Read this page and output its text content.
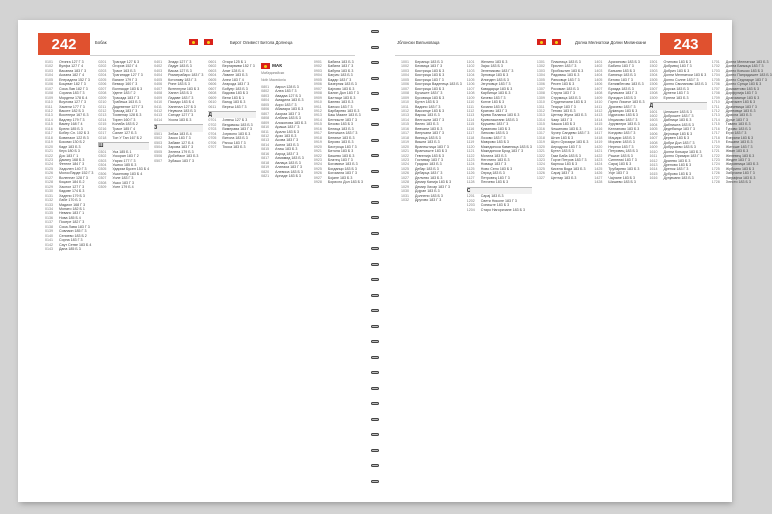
242	Бобак	Бирот Оливест Битола Долнеца
0101	Отинга 127 Г 3
0102	Вулфа 127 Г 4
0103	Васаниа 183 Г 3
0104	Асиана 182 Г 4
0105	Енерадата 152 Г 3
0106	Боцеват 182 Г 3
0107	Сиоа Лав 182 Г 3
0108	Сорана 183 Г 3
0109	Мордени 178 Б 4
0110	Воулова 127 Г 3
0111	Хамели 177 Г 3
0112	Вакоте 182 Б 3
0113	Восенери 167 Б 3
0114	Вадлер 179 Г 3
0115	Вамеу 168 Г 4
0116	Брели 185 Б 3
0117	Бобер Сп. 102 Б 3
0118	Бовинаоп 122 В 3
0119	Бокоми 130 Б 2
0120	Каде 183 Б 3
0121	Кеуз 180 Б 3
0122	Дос 183 Г 1
0123	Дамагу 168 Б 3
0124	Фетеле 184 Г 3
0125	Хадилен 140 Г 3
0126	МолосПарде 152 Г 3
0127	Воленнат 128 Г 3
0128	Коцаон 184 Б 2
0129	Хаснол 127 Г 3
0130	Кадове 174 Б 3
0131	Хадени 179 Б 3
0132	Лабе 170 Б 3
0133	Мадиол 168 Г 3
0134	Монато 182 Б 1
0135	Неванс 183 Г 1
0136	Нова 185 Б 4
0137	Посере 182 Г 3
0138	Сиоа Лава 183 Г 3
0139	Совлаин 185 Г 3
0140	Сениево 183 Б 2
0141	Сорна 183 Г 3
0142	Саут Сетве 183 Б 4
0143	Дана 185 Б 3
0201	Трагаде 127 Б 3
0202	Огоров 152 Г 4
0203	Трасе 163 Б 3
0204	Трагинаде 127 Г 3
0205	Вагале 179 Г 3
0206	Вевзор 160 Г 3
0207	Волнаоде 183 Б 3
0208	Удене 183 Г 2
0209	Трасада 183 Г 3
0210	Трабеша 163 Б 3
0211	Дадевенат 127 Г 3
0212	Трасад 183 Г 3
0213	Тосвенар 128 Б 3
0214	Тирен 160 Г 3
0215	Колаба 183 Б 2
0216	Трасе 185 Г 4
0217	Салие 127 Б 3
0218	Тон У Тап 167 Б 2
Ш
0301	Ука 185 Б 1
0302	Ускоран 183 Г 2
0303	Уарис 177 Г 3
0304	Ушеко 185 Б 3
0305	Ударим Бусел 153 Б 4
0306	Ушкеновр 183 Б 4
0307	Уоле 183 Г 3
0308	Ушко 183 Г 3
0309	Усен 179 Б 4
0401	Знади 127 Г 3
0402	Ладуе 183 Б 3
0403	Васаа 127 Б 3
0404	Роматрабаро 183 Г 3
0405	Котонаву 183 Г 3
0406	Рипе 183 Б 3
0407	Вителпуни 183 Б 3
0408	Ханел 183 Б 3
0409	Ладаве 183 Г 3
0410	Пасадо 183 Б 4
0411	Ханепал 127 Б 3
0412	Неувола 183 Б 3
0413	Сатоде 127 Г 3
0414	Усола 183 Б 3
З
0501	Зебаа 183 Б 4
0502	Заско 183 Г 3
0503	Забаве 127 Б 4
0504	Зарова 183 Г 3
0505	Зелена 179 Б 3
0506	ДобиНасе 183 Б 3
0507	Зубашо 183 Г 3
0601	Отари 125 Б 1
0602	Вергарвиви 152 Г 3
0603	Алат 128 Б 4
0604	Лавате 183 Б 3
0605	Алеи 183 Г 4
0606	Атарода 183 Г 3
0607	Бобуер 183 Б 3
0608	Вадова 183 Б 3
0609	Вени 183 Б 1
0610	Вагод 183 Б 3
0611	Вереш 183 Г 3
Д
0701	Јзгвеш 127 Б 3
0702	Вегдамош 183 Б 3
0703	Вимерава 183 Г 3
0704	Јзгрвоно 183 Б 3
0705	Витола 183 Б 3
0706	Рагош 183 Г 3
0707	Тиоса 183 Б 3
МАК
МаКедонийски
Noth Macedonia
0801	Аврол 128 Б 3
0802	Алеа 183 Г 3
0803	Авадаа 127 Б 3
0804	Амадила 183 Б 3
0805	Аоро 183 Г 3
0806	Абамара 183 Б 3
0807	Азораа 183 Г 3
0808	Албана 183 Б 3
0809	Алокопова 183 Б 3
0810	Араша 183 Г 3
0811	Арали 183 Б 3
0812	Арзо 183 Б 3
0813	Асова 183 Г 3
0814	Асели 183 Б 3
0815	Атиш 183 Б 3
0816	Ахрод 183 Г 3
0817	Ахмамид 183 Б 3
0818	Авлаџа 183 Б 3
0819	Алатаоа 183 Г 3
0820	Алевиоа 183 Б 3
0821	Арнаде 183 Б 3
0901	Бабина 183 Б 3
0902	Бабини 183 Г 3
0903	Бабуна 183 Б 3
0904	Баграч 183 Б 3
0905	Бадар 183 Г 3
0906	Базерник 183 Б 3
0907	Бајлово 183 Б 3
0908	Балин Дол 183 Г 3
0909	Балтаци 183 Б 3
0910	Банево 183 Б 3
0911	Банско 183 Г 3
0912	Барбарево 183 Б 3
0913	Баш Маале 183 Б 3
0914	Бегниште 183 Г 3
0915	Безово 183 Б 3
0916	Белица 183 Б 3
0917	Белчишта 183 Г 3
0918	Бениње 183 Б 3
0919	Берово 183 Б 3
0920	Бистрица 183 Г 3
0921	Битола 183 Б 3
0922	Бишево 183 Б 3
0923	Блатец 183 Г 3
0924	Боговиње 183 Б 3
0925	Богданци 183 Б 3
0926	Богомила 183 Г 3
0927	Бојане 183 Б 3
0928	Борисло Дол 183 Б 3
243
Јблонски Вильноваца	Долна Мелнатски Долни Милиноани
1001	Беранци 183 Б 3
1002	Бесвица 183 Г 3
1003	Бистрица 183 Б 3
1004	Бистрица 183 Б 3
1005	Бистрица 183 Г 3
1006	Бистрица Ваденеца 183 Б 3
1007	Бистрица 183 Б 3
1008	Бучиште 183 Г 3
1009	Бусовица 183 Б 3
1010	Бутел 183 Б 3
1011	Вадино 183 Г 3
1012	Ваксинце 183 Б 3
1013	Варош 183 Б 3
1014	Велгошти 183 Г 3
1015	Велес 183 Б 3
1016	Вевчани 183 Б 3
1017	Вепрчани 183 Г 3
1018	Виница 183 Б 3
1019	Вишни 183 Б 3
1020	Вранештица 183 Г 3
1021	Врапчиште 183 Б 3
1022	Гевгелија 183 Б 3
1023	Гостивар 183 Г 3
1024	Градско 183 Б 3
1025	Дебар 183 Б 3
1026	Дебарца 183 Г 3
1027	Делчево 183 Б 3
1028	Демир Капија 183 Б 3
1029	Демир Хисар 183 Г 3
1030	Дојран 183 Б 3
1031	Долнени 183 Б 3
1032	Другово 183 Г 3
1101	Желино 183 Б 3
1102	Зајас 183 Б 3
1103	Зелениково 183 Г 3
1104	Зрновци 183 Б 3
1105	Илинден 183 Б 3
1106	Јегуновце 183 Г 3
1107	Кавадарци 183 Б 3
1108	Карбинци 183 Б 3
1109	Кичево 183 Г 3
1110	Конче 183 Б 3
1111	Кочани 183 Б 3
1112	Кратово 183 Г 3
1113	Крива Паланка 183 Б 3
1114	Кривогаштани 183 Б 3
1115	Крушево 183 Г 3
1116	Куманово 183 Б 3
1117	Липково 183 Б 3
1118	Лозово 183 Г 3
1119	Маврово 183 Б 3
1120	Македонска Каменица 183 Б 3
1121	Македонски Брод 183 Г 3
1122	Могила 183 Б 3
1123	Неготино 183 Б 3
1124	Новаци 183 Г 3
1125	Ново Село 183 Б 3
1126	Охрид 183 Б 3
1127	Петровец 183 Г 3
1128	Пехчево 183 Б 3
С
1201	Сарај 183 Б 3
1202	Свети Николе 183 Г 3
1203	Сопиште 183 Б 3
1204	Старо Нагоричане 183 Б 3
1301	Пласница 183 Б 3
1302	Прилеп 183 Г 3
1303	Пробиштип 183 Б 3
1304	Радовиш 183 Б 3
1305	Ранковце 183 Г 3
1306	Ресен 183 Б 3
1307	Росоман 183 Б 3
1308	Струга 183 Г 3
1309	Струмица 183 Б 3
1310	Студеничани 183 Б 3
1311	Теарце 183 Г 3
1312	Тетово 183 Б 3
1313	Центар Жупа 183 Б 3
1314	Чаир 183 Г 3
1315	Чашка 183 Б 3
1316	Чешиново 183 Б 3
1317	Чучер Сандево 183 Г 3
1318	Штип 183 Б 3
1319	Шуто Оризари 183 Б 3
1320	Аеродром 183 Г 3
1321	Бутел 183 Б 3
1322	Гази Баба 183 Б 3
1323	Ѓорче Петров 183 Г 3
1324	Карпош 183 Б 3
1325	Кисела Вода 183 Б 3
1326	Сарај 183 Г 3
1327	Центар 183 Б 3
1401	Арачиново 183 Б 3
1402	Бабино 183 Г 3
1403	Бањани 183 Б 3
1404	Батинци 183 Б 3
1405	Бегово 183 Г 3
1406	Белимбегово 183 Б 3
1407	Бразда 183 Б 3
1408	Булачани 183 Г 3
1409	Вучидол 183 Б 3
1410	Горно Лисиче 183 Б 3
1411	Драчево 183 Г 3
1412	Дуќанџик 183 Б 3
1413	Идризово 183 Б 3
1414	Инџиково 183 Г 3
1415	Јурумлери 183 Б 3
1416	Катланово 183 Б 3
1417	Кондово 183 Г 3
1418	Маџари 183 Б 3
1419	Морани 183 Б 3
1420	Нерези 183 Г 3
1421	Петровец 183 Б 3
1422	Рашче 183 Б 3
1423	Сингелиќ 183 Г 3
1424	Сарај 183 Б 3
1425	Трубарево 183 Б 3
1426	Усје 183 Г 3
1427	Чајлане 183 Б 3
1428	Шишево 183 Б 3
1501	Отиново 183 Б 3
1502	Добривој 183 Г 3
1503	Добрич 183 Б 3
1504	Долни Мелнатски 183 Б 3
1505	Долно Солне 183 Г 3
1506	Долно Свиланово 183 Б 3
1507	Дорска 183 Б 3
1508	Дупени 183 Г 3
1509	Ергели 183 Б 3
Д
1601	Џепиште 183 Б 3
1602	Доброште 183 Г 3
1603	Дабници 183 Б 3
1604	Дабништа 183 Б 3
1605	Дедебалци 183 Г 3
1606	Дејловце 183 Б 3
1607	Дервен 183 Б 3
1608	Добри Дол 183 Г 3
1609	Добрушево 183 Б 3
1610	Долни Коњари 183 Б 3
1611	Долно Оризари 183 Г 3
1612	Драгево 183 Б 3
1613	Дреново 183 Б 3
1614	Дренок 183 Г 3
1615	Дуброво 183 Б 3
1616	Дупјачани 183 Б 3
1701	Долни Мелнатски 183 Б 3
1702	Долна Бањица 183 Г 3
1703	Долно Коњско 183 Б 3
1704	Долно Папрадиште 183 Б 3
1705	Долно Седларце 183 Г 3
1706	Долно Српци 183 Б 3
1707	Домазетово 183 Б 3
1708	Дорфулија 183 Г 3
1709	Драгоманце 183 Б 3
1710	Драгожел 183 Б 3
1711	Драчевица 183 Г 3
1712	Дреновци 183 Б 3
1713	Дрисла 183 Б 3
1714	Дуње 183 Г 3
1715	Ѓавато 183 Б 3
1716	Ѓурово 183 Б 3
1717	Егри 183 Г 3
1718	Езерани 183 Б 3
1719	Елшани 183 Б 3
1720	Житоше 183 Г 3
1721	Жван 183 Б 3
1722	Желевец 183 Б 3
1723	Жеден 183 Г 3
1724	Жировница 183 Б 3
1725	Жубрино 183 Б 3
1726	Забрчани 183 Г 3
1727	Заграфча 183 Б 3
1728	Злести 183 Б 3
